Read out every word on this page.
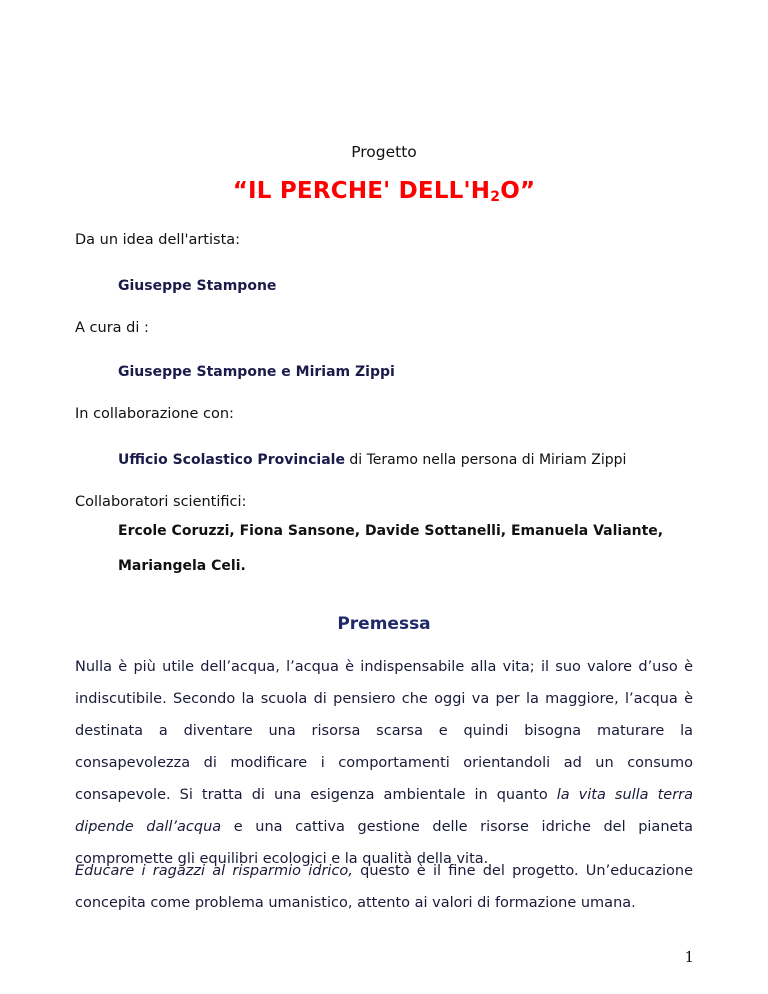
Progetto
“IL PERCHE' $DELL'H_2O$”
Da un idea dell'artista:
Giuseppe Stampone
A cura di :
Giuseppe Stampone e Miriam Zippi
In collaborazione con:
Ufficio Scolastico Provinciale di Teramo nella persona di Miriam Zippi
Collaboratori scientifici:
Ercole Coruzzi, Fiona Sansone, Davide Sottanelli, Emanuela Valiante,
Mariangela Celi.
Premessa
Nulla è più utile dell’acqua, l’acqua è indispensabile alla vita; il suo valore d’uso è indiscutibile. Secondo la scuola di pensiero che oggi va per la maggiore, l’acqua è destinata a diventare una risorsa scarsa e quindi bisogna maturare la consapevolezza di modificare i comportamenti orientandoli ad un consumo consapevole. Si tratta di una esigenza ambientale in quanto la vita sulla terra dipende dall’acqua e una cattiva gestione delle risorse idriche del pianeta compromette gli equilibri ecologici e la qualità della vita.
Educare i ragazzi al risparmio idrico, questo è il fine del progetto. Un’educazione concepita come problema umanistico, attento ai valori di formazione umana.
1
